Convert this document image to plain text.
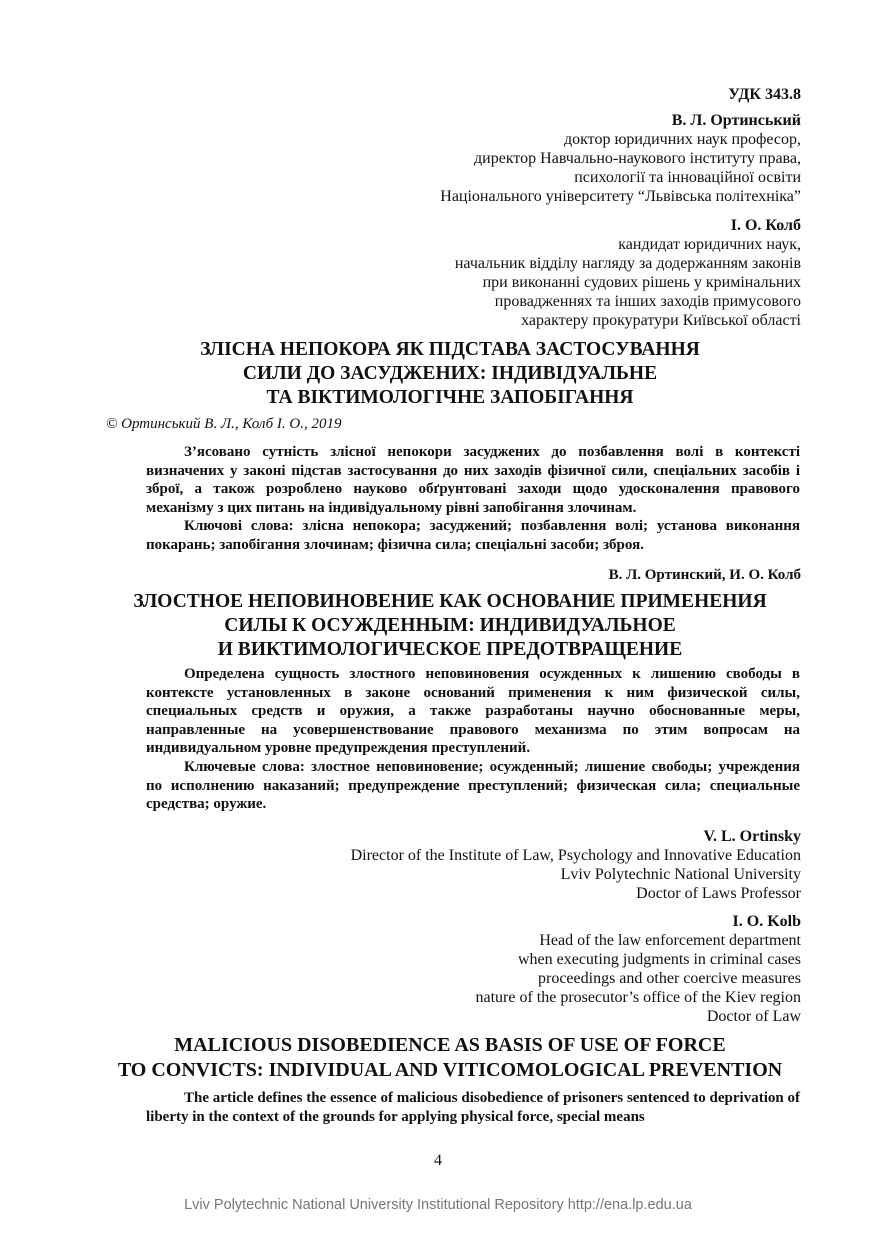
УДК 343.8

В. Л. Ортинський

доктор юридичних наук професор,

директор Навчально-наукового інституту права,

психології та інноваційної освіти

Національного університету “Львівська політехніка”

І. О. Колб

кандидат юридичних наук,

начальник відділу нагляду за додержанням законів

при виконанні судових рішень у кримінальних

провадженнях та інших заходів примусового

характеру прокуратури Київської області

ЗЛІСНА НЕПОКОРА ЯК ПІДСТАВА ЗАСТОСУВАННЯ
СИЛИ ДО ЗАСУДЖЕНИХ: ІНДИВІДУАЛЬНЕ
ТА ВІКТИМОЛОГІЧНЕ ЗАПОБІГАННЯ

© Ортинський В. Л., Колб І. О., 2019

З’ясовано сутність злісної непокори засуджених до позбавлення волі в контексті визначених у законі підстав застосування до них заходів фізичної сили, спеціальних засобів і зброї, а також розроблено науково обґрунтовані заходи щодо удосконалення правового механізму з цих питань на індивідуальному рівні запобігання злочинам.

Ключові слова: злісна непокора; засуджений; позбавлення волі; установа виконання покарань; запобігання злочинам; фізична сила; спеціальні засоби; зброя.

В. Л. Ортинский, И. О. Колб

ЗЛОСТНОЕ НЕПОВИНОВЕНИЕ КАК ОСНОВАНИЕ ПРИМЕНЕНИЯ
СИЛЫ К ОСУЖДЕННЫМ: ИНДИВИДУАЛЬНОЕ
И ВИКТИМОЛОГИЧЕСКОЕ ПРЕДОТВРАЩЕНИЕ

Определена сущность злостного неповиновения осужденных к лишению свободы в контексте установленных в законе оснований применения к ним физической силы, специальных средств и оружия, а также разработаны научно обоснованные меры, направленные на усовершенствование правового механизма по этим вопросам на индивидуальном уровне предупреждения преступлений.

Ключевые слова: злостное неповиновение; осужденный; лишение свободы; учреждения по исполнению наказаний; предупреждение преступлений; физическая сила; специальные средства; оружие.

V. L. Ortinsky

Director of the Institute of Law, Psychology and Innovative Education

Lviv Polytechnic National University

Doctor of Laws Professor

I. O. Kolb

Head of the law enforcement department

when executing judgments in criminal cases

proceedings and other coercive measures

nature of the prosecutor’s office of the Kiev region

Doctor of Law

MALICIOUS DISOBEDIENCE AS BASIS OF USE OF FORCE
TO CONVICTS: INDIVIDUAL AND VITICOMOLOGICAL PREVENTION

The article defines the essence of malicious disobedience of prisoners sentenced to deprivation of liberty in the context of the grounds for applying physical force, special means

4

Lviv Polytechnic National University Institutional Repository http://ena.lp.edu.ua
